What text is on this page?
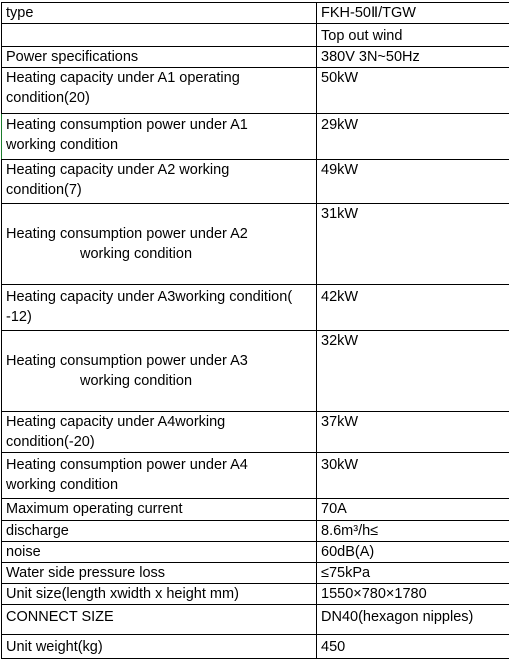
type	FKH-50Ⅱ/TGW
	Top out wind
Power specifications	380V 3N~50Hz
Heating capacity under A1 operating
condition(20)	50kW
Heating consumption power under A1
working condition	29kW
Heating capacity under A2 working
condition(7)	49kW

Heating consumption power under A2

working condition	31kW
Heating capacity under A3working condition(
-12)	42kW

Heating consumption power under A3

working condition	32kW
Heating capacity under A4working
condition(-20)	37kW
Heating consumption power under A4
working condition	30kW
Maximum operating current	70A
discharge	8.6m³/h≤
noise	60dB(A)
Water side pressure loss	≤75kPa
Unit size(length xwidth x height mm)	1550×780×1780
CONNECT SIZE	DN40(hexagon nipples)
Unit weight(kg)	450
